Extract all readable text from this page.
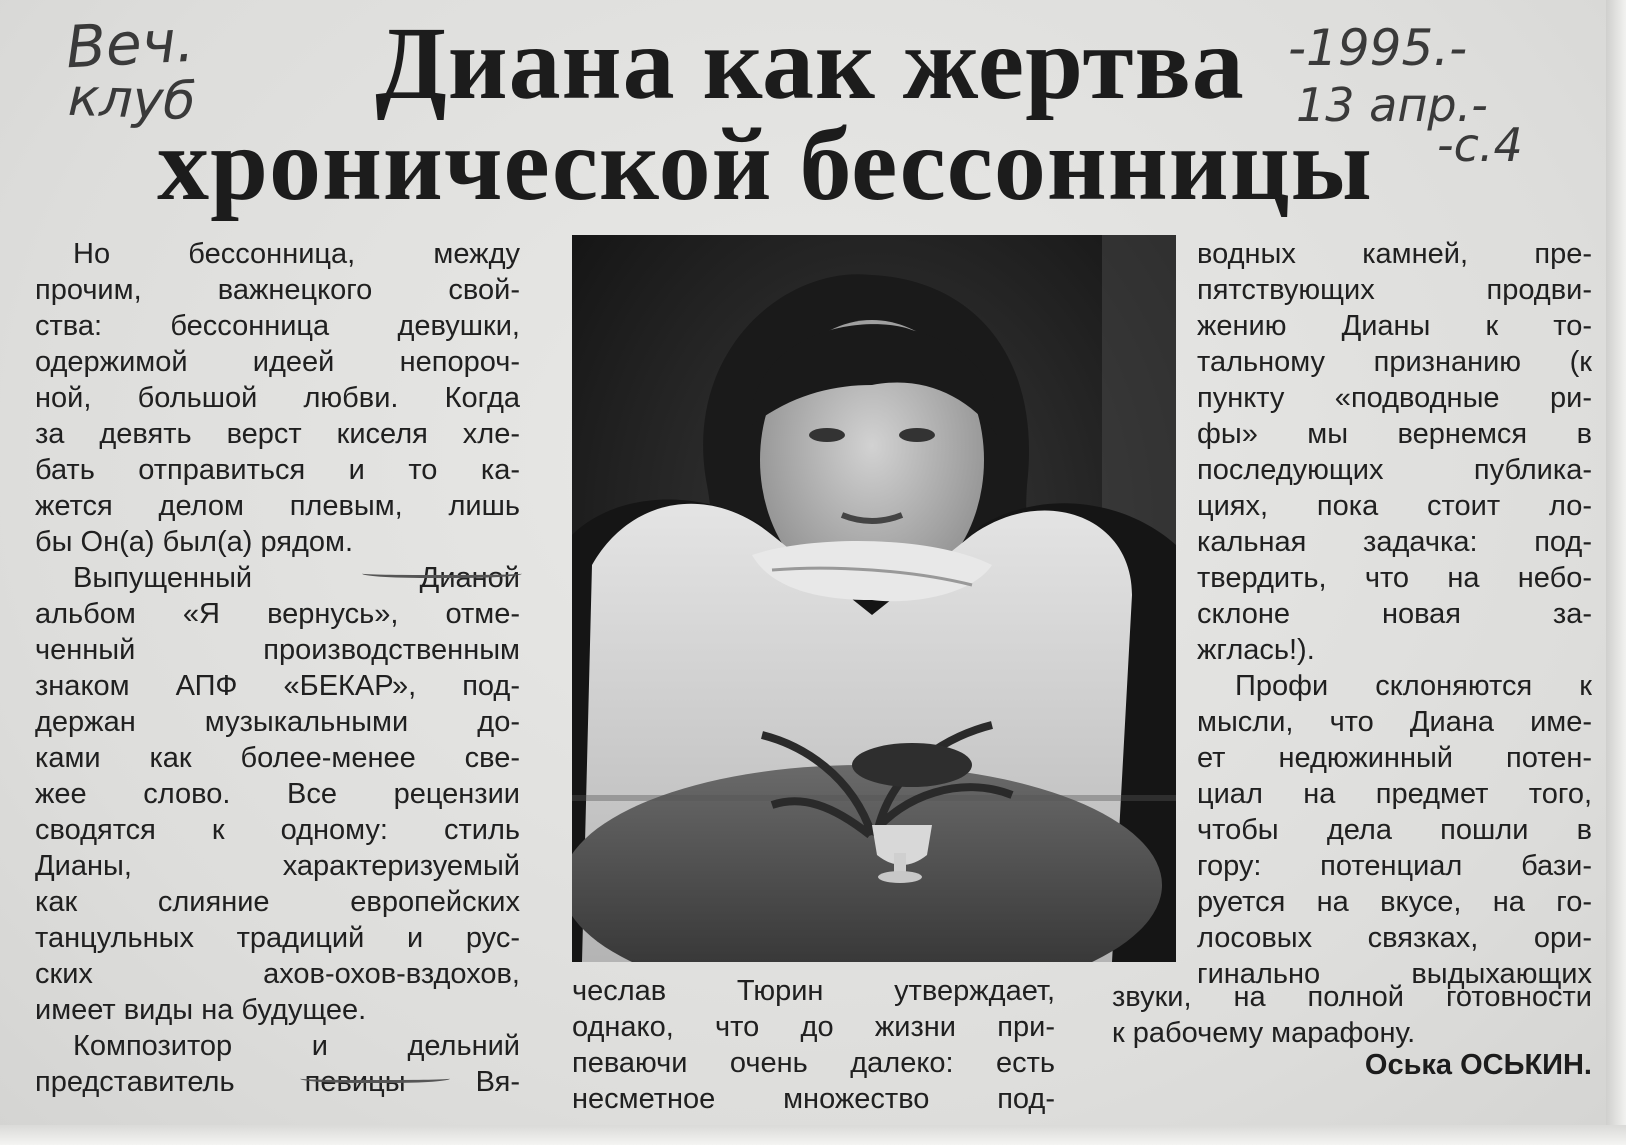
Диана как жертва
хронической бессонницы
Веч.
клуб
-1995.-
13 апр.-
-с.4
Но бессонница, между
прочим, важнецкого свой-
ства: бессонница девушки,
одержимой идеей непороч-
ной, большой любви. Когда
за девять верст киселя хле-
бать отправиться и то ка-
жется делом плевым, лишь
бы Он(а) был(а) рядом.
Выпущенный Дианой
альбом «Я вернусь», отме-
ченный производственным
знаком АПФ «БЕКАР», под-
держан музыкальными до-
ками как более-менее све-
жее слово. Все рецензии
сводятся к одному: стиль
Дианы, характеризуемый
как слияние европейских
танцульных традиций и рус-
ских ахов-охов-вздохов,
имеет виды на будущее.
Композитор и дельний
представитель певицы Вя-
чеслав Тюрин утверждает,
однако, что до жизни при-
певаючи очень далеко: есть
несметное множество под-
водных камней, пре-
пятствующих продви-
жению Дианы к то-
тальному признанию (к
пункту «подводные ри-
фы» мы вернемся в
последующих публика-
циях, пока стоит ло-
кальная задачка: под-
твердить, что на небо-
склоне новая за-
жглась!).
Профи склоняются к
мысли, что Диана име-
ет недюжинный потен-
циал на предмет того,
чтобы дела пошли в
гору: потенциал бази-
руется на вкусе, на го-
лосовых связках, ори-
гинально выдыхающих
звуки, на полной готовности
к рабочему марафону.
Оська ОСЬКИН.
